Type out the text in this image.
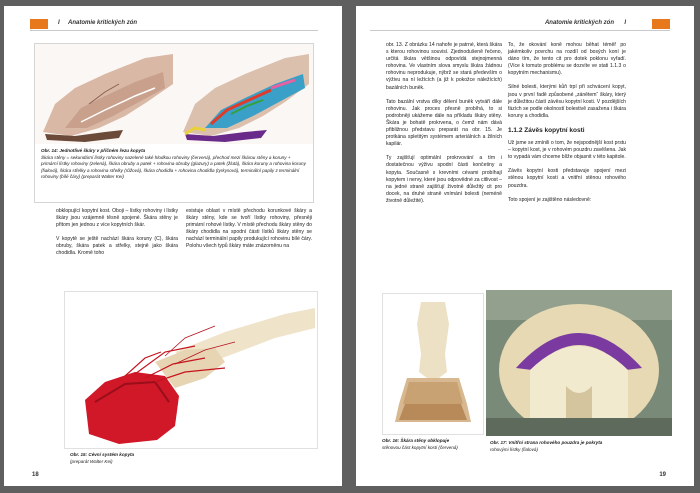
I Anatomie kritických zón
Obr. 14: Jednotlivé škáry v příčném řezu kopyta
Škára stěny = sekundární lístky rohoviny nazelené také hlodkou rohoviny (červená), přechod mezi škárou stěny a koruny + primární lístky rohoviny (zelená), škára obruby a patek + rohovina obruby (glazury) a patek (žlutá), škára koruny a rohovina koruny (fialová), škára střelky a rohovina střelky (růžová), škára chodidla + rohovina chodidla (tyrkysová), terminální papily z terminální rohoviny (bílé čáry) (preparát Walter Kei)

obklopující kopytní kost. Oboji – lístky rohoviny i lístky škáry jsou vzájemně těsně spojené. Škára stěny je přitom jen jednou z více kopytních škár.

V kopytě se ještě nachází škára koruny (C), škára obruby, škára patek a střelky, stejně jako škára chodidla. Kromě toho

existuje oblast v místě přechodu korunkové škáry a škáry stěny, kde se tvoří lístky rohoviny, přesněji primární rohové lístky. V místě přechodu škáry stěny do škáry chodidla na spodní části lístků škáry stěny se nachází terminální papily produkující rohovinu bílé čáry. Polohu všech typů škáry máte znázorněnu na

Obr. 15: Cévní systém kopyta
(preparát Walter Kei)
18
Anatomie kritických zón I

obr. 13. Z obrázku 14 nahoře je patrné, která škára s kterou rohovinou souvisí. Zjednodušeně řečeno, určitá škára většinou odpovídá stejnojmenná rohovina. Ve vlastním slova smyslu škára žádnou rohovinu neprodukuje, nýbrž se stará především o výživu na ní ležících (a již k pokožce náležících) bazálních buněk.

Tato bazální vrstva díky dělení buněk vytváří dále rohovinu. Jak proces přesně probíhá, to si podrobněji ukážeme dále na příkladu škáry stěny. Škára je bohatě prokrvena, o čemž nám dává přibližnou představu preparát na obr. 15. Je protkána spletitým systémem arteriálních a žilních kapilár.

Ty zajišťují optimální prokrvování a tím i dostatečnou výživu spodní části končetiny a kopyta. Současně s krevními cévami probíhají kopytem i nervy, které jsou odpovědné za citlivost – na jedné straně zajišťují životně důležitý cit pro docek, na druhé straně vnímání bolesti (neméně životně důležité).

To, že okování koně mohou běhat téměř po jakémkoliv povrchu na rozdíl od bosých koní je dáno tím, že tento cit pro dotek poklonu vyřadí. (Více k tomuto problému se dozvíte ve stati 1.1.3 o kopytním mechanismu).

Silné bolesti, kterými kůň trpí při schvácení kopyt, jsou v první řadě způsobené „zánětem“ škáry, který je důležitou částí závěsu kopytní kosti. V pozdějších fázích se podle okolností bolestivě zasažena i škára koruny a chodidla.

1.1.2 Závěs kopytní kosti

Už jsme se zmínili o tom, že nejspodnější kost prstu – kopytní kost, je v rohovém pouzdru zavěšena. Jak to vypadá vám chceme blíže objasnit v této kapitole.

Závěs kopytní kosti představuje spojení mezi stěnou kopytní kosti a vnitřní stěnou rohového pouzdra.

Toto spojení je zajištěno následovně:

Obr. 16: Škára stěny obklopuje
stěnovou část kopytní kosti (červená)
Obr. 17: Vnitřní strana rohového pouzdra je pokryta
rohovými lístky (fialová)
19
